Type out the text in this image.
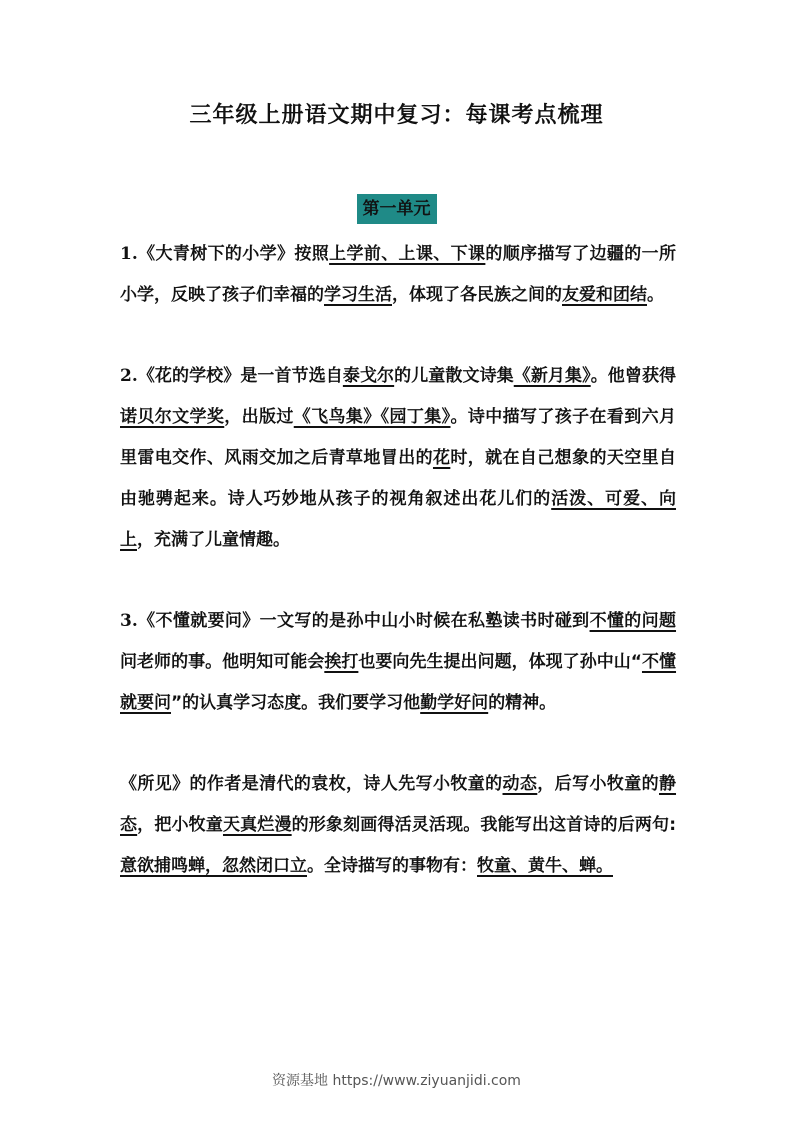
三年级上册语文期中复习：每课考点梳理
第一单元

1.《大青树下的小学》按照上学前、上课、下课的顺序描写了边疆的一所小学，反映了孩子们幸福的学习生活，体现了各民族之间的友爱和团结。

2.《花的学校》是一首节选自泰戈尔的儿童散文诗集《新月集》。他曾获得诺贝尔文学奖，出版过《飞鸟集》《园丁集》。诗中描写了孩子在看到六月里雷电交作、风雨交加之后青草地冒出的花时，就在自己想象的天空里自由驰骋起来。诗人巧妙地从孩子的视角叙述出花儿们的活泼、可爱、向上，充满了儿童情趣。

3.《不懂就要问》一文写的是孙中山小时候在私塾读书时碰到不懂的问题问老师的事。他明知可能会挨打也要向先生提出问题，体现了孙中山“不懂就要问”的认真学习态度。我们要学习他勤学好问的精神。

《所见》的作者是清代的袁枚，诗人先写小牧童的动态，后写小牧童的静态，把小牧童天真烂漫的形象刻画得活灵活现。我能写出这首诗的后两句:意欲捕鸣蝉，忽然闭口立。全诗描写的事物有：牧童、黄牛、蝉。

资源基地 https://www.ziyuanjidi.com
